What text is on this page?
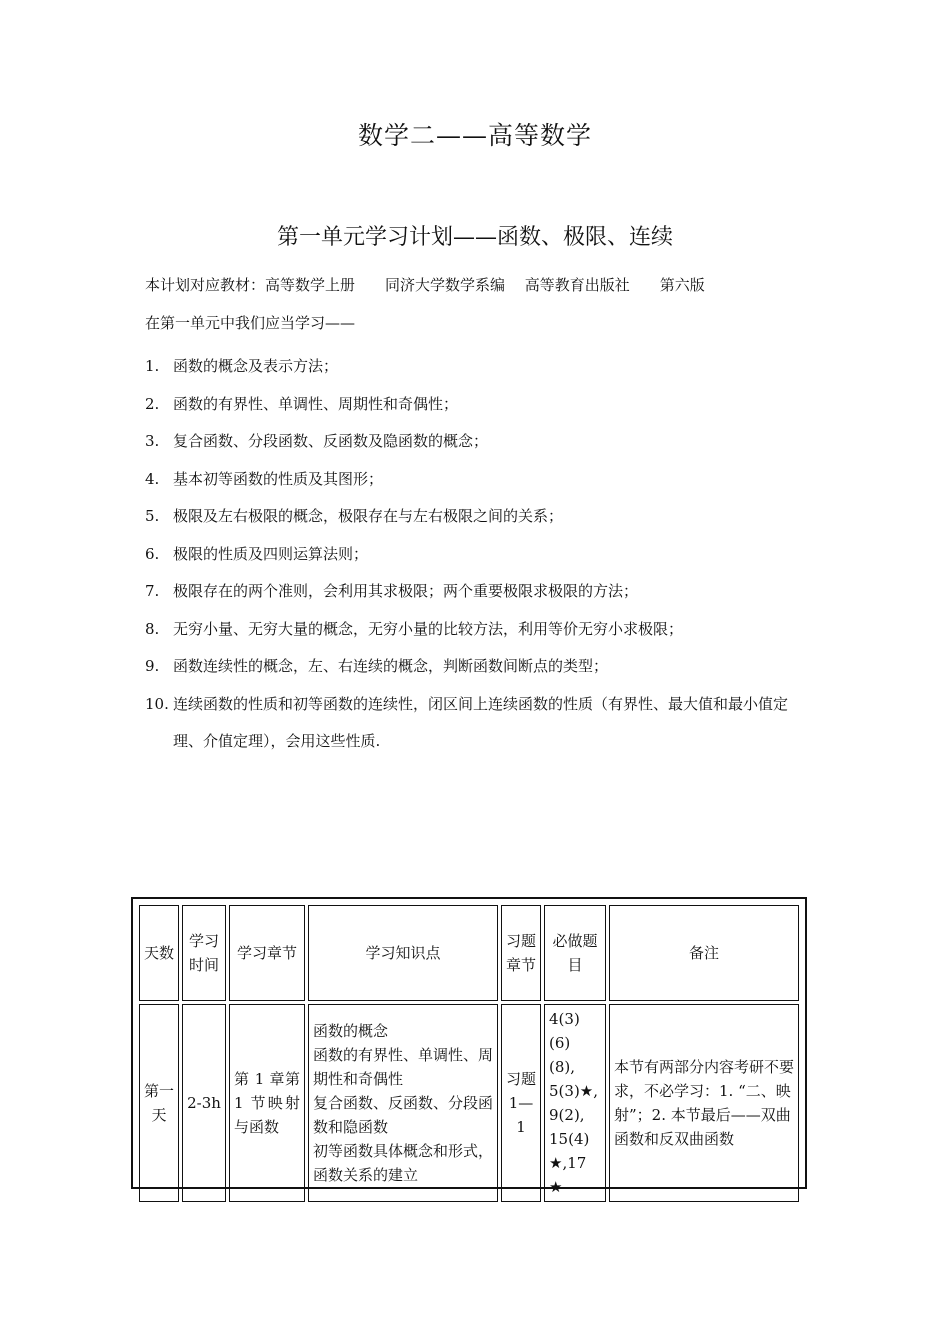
数学二——高等数学
第一单元学习计划——函数、极限、连续
本计划对应教材：高等数学上册　　同济大学数学系编　 高等教育出版社　　第六版
在第一单元中我们应当学习——
1. 函数的概念及表示方法；
2. 函数的有界性、单调性、周期性和奇偶性；
3. 复合函数、分段函数、反函数及隐函数的概念；
4. 基本初等函数的性质及其图形；
5. 极限及左右极限的概念，极限存在与左右极限之间的关系；
6. 极限的性质及四则运算法则；
7. 极限存在的两个准则，会利用其求极限；两个重要极限求极限的方法；
8. 无穷小量、无穷大量的概念，无穷小量的比较方法，利用等价无穷小求极限；
9. 函数连续性的概念，左、右连续的概念，判断函数间断点的类型；
10. 连续函数的性质和初等函数的连续性，闭区间上连续函数的性质（有界性、最大值和最小值定理、介值定理），会用这些性质.
天数	学习时间	学习章节	学习知识点	习题章节	必做题目	备注
第一天	2-3h	第 1 章第 1 节映射与函数	函数的概念
函数的有界性、单调性、周期性和奇偶性
复合函数、反函数、分段函数和隐函数
初等函数具体概念和形式，函数关系的建立	习题1—1	4(3) (6) (8), 5(3)★, 9(2), 15(4) ★,17 ★	本节有两部分内容考研不要求，不必学习：1. “二、映射”；2. 本节最后——双曲函数和反双曲函数
